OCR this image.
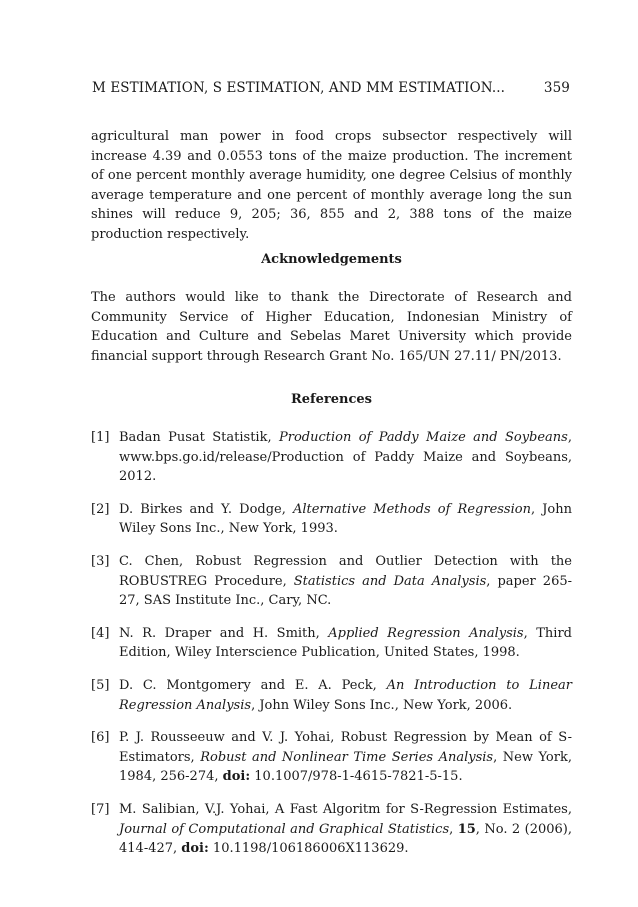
M ESTIMATION, S ESTIMATION, AND MM ESTIMATION...	359
agricultural man power in food crops subsector respectively will increase 4.39 and 0.0553 tons of the maize production. The increment of one percent monthly average humidity, one degree Celsius of monthly average temperature and one percent of monthly average long the sun shines will reduce 9, 205; 36, 855 and 2, 388 tons of the maize production respectively.
Acknowledgements
The authors would like to thank the Directorate of Research and Community Service of Higher Education, Indonesian Ministry of Education and Culture and Sebelas Maret University which provide financial support through Research Grant No. 165/UN 27.11/ PN/2013.
References
[1] Badan Pusat Statistik, Production of Paddy Maize and Soybeans, www.bps.go.id/release/Production of Paddy Maize and Soybeans, 2012.
[2] D. Birkes and Y. Dodge, Alternative Methods of Regression, John Wiley Sons Inc., New York, 1993.
[3] C. Chen, Robust Regression and Outlier Detection with the ROBUSTREG Procedure, Statistics and Data Analysis, paper 265-27, SAS Institute Inc., Cary, NC.
[4] N. R. Draper and H. Smith, Applied Regression Analysis, Third Edition, Wiley Interscience Publication, United States, 1998.
[5] D. C. Montgomery and E. A. Peck, An Introduction to Linear Regression Analysis, John Wiley Sons Inc., New York, 2006.
[6] P. J. Rousseeuw and V. J. Yohai, Robust Regression by Mean of S-Estimators, Robust and Nonlinear Time Series Analysis, New York, 1984, 256-274, doi: 10.1007/978-1-4615-7821-5-15.
[7] M. Salibian, V.J. Yohai, A Fast Algoritm for S-Regression Estimates, Journal of Computational and Graphical Statistics, 15, No. 2 (2006), 414-427, doi: 10.1198/106186006X113629.
